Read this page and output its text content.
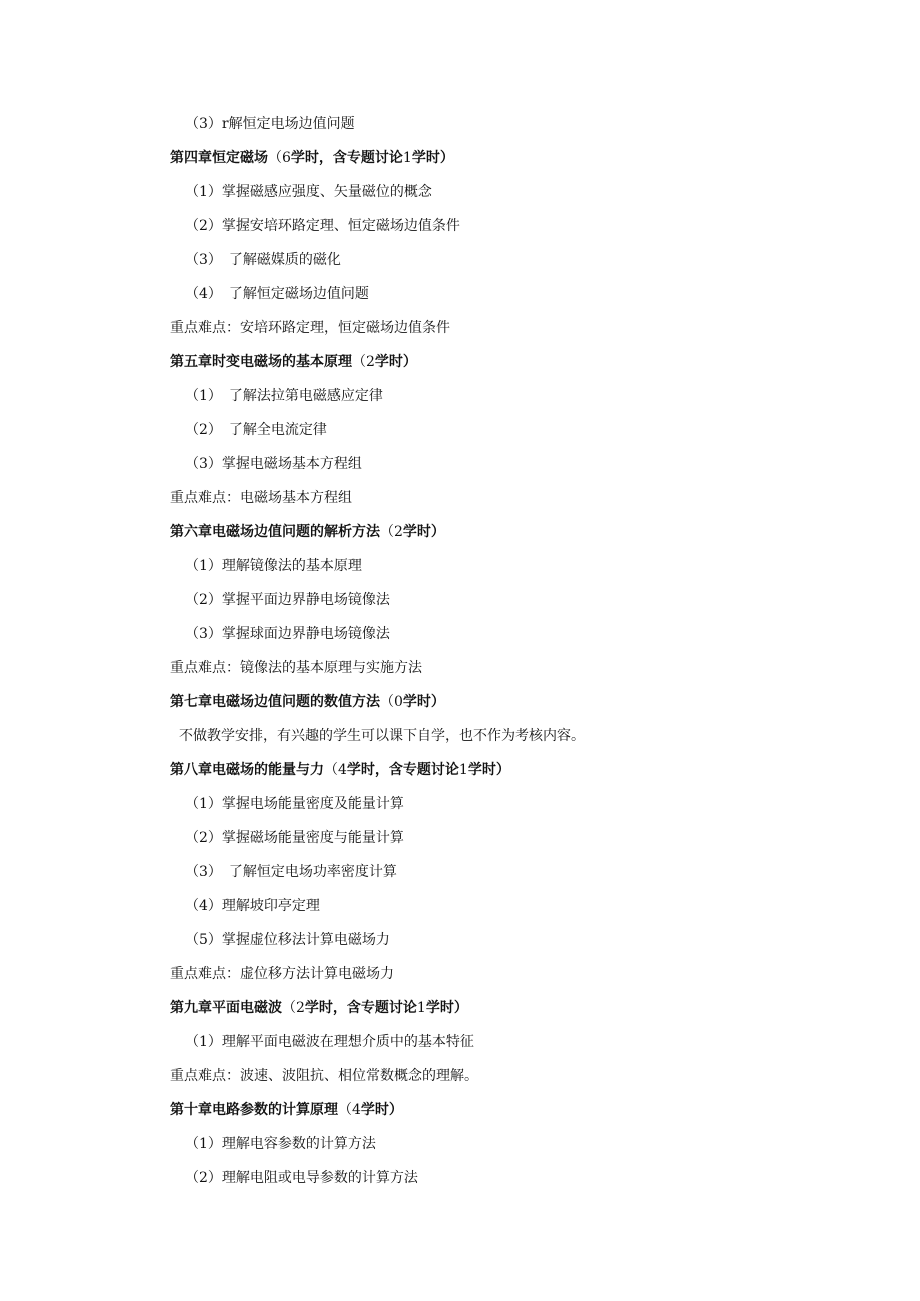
（3）r解恒定电场边值问题
第四章恒定磁场（6学时，含专题讨论1学时）
（1）掌握磁感应强度、矢量磁位的概念
（2）掌握安培环路定理、恒定磁场边值条件
（3）　了解磁媒质的磁化
（4）　了解恒定磁场边值问题
重点难点：安培环路定理，恒定磁场边值条件
第五章时变电磁场的基本原理（2学时）
（1）　了解法拉第电磁感应定律
（2）　了解全电流定律
（3）掌握电磁场基本方程组
重点难点：电磁场基本方程组
第六章电磁场边值问题的解析方法（2学时）
（1）理解镜像法的基本原理
（2）掌握平面边界静电场镜像法
（3）掌握球面边界静电场镜像法
重点难点：镜像法的基本原理与实施方法
第七章电磁场边值问题的数值方法（0学时）
不做教学安排，有兴趣的学生可以课下自学，也不作为考核内容。
第八章电磁场的能量与力（4学时，含专题讨论1学时）
（1）掌握电场能量密度及能量计算
（2）掌握磁场能量密度与能量计算
（3）　了解恒定电场功率密度计算
（4）理解坡印亭定理
（5）掌握虚位移法计算电磁场力
重点难点：虚位移方法计算电磁场力
第九章平面电磁波（2学时，含专题讨论1学时）
（1）理解平面电磁波在理想介质中的基本特征
重点难点：波速、波阻抗、相位常数概念的理解。
第十章电路参数的计算原理（4学时）
（1）理解电容参数的计算方法
（2）理解电阻或电导参数的计算方法
